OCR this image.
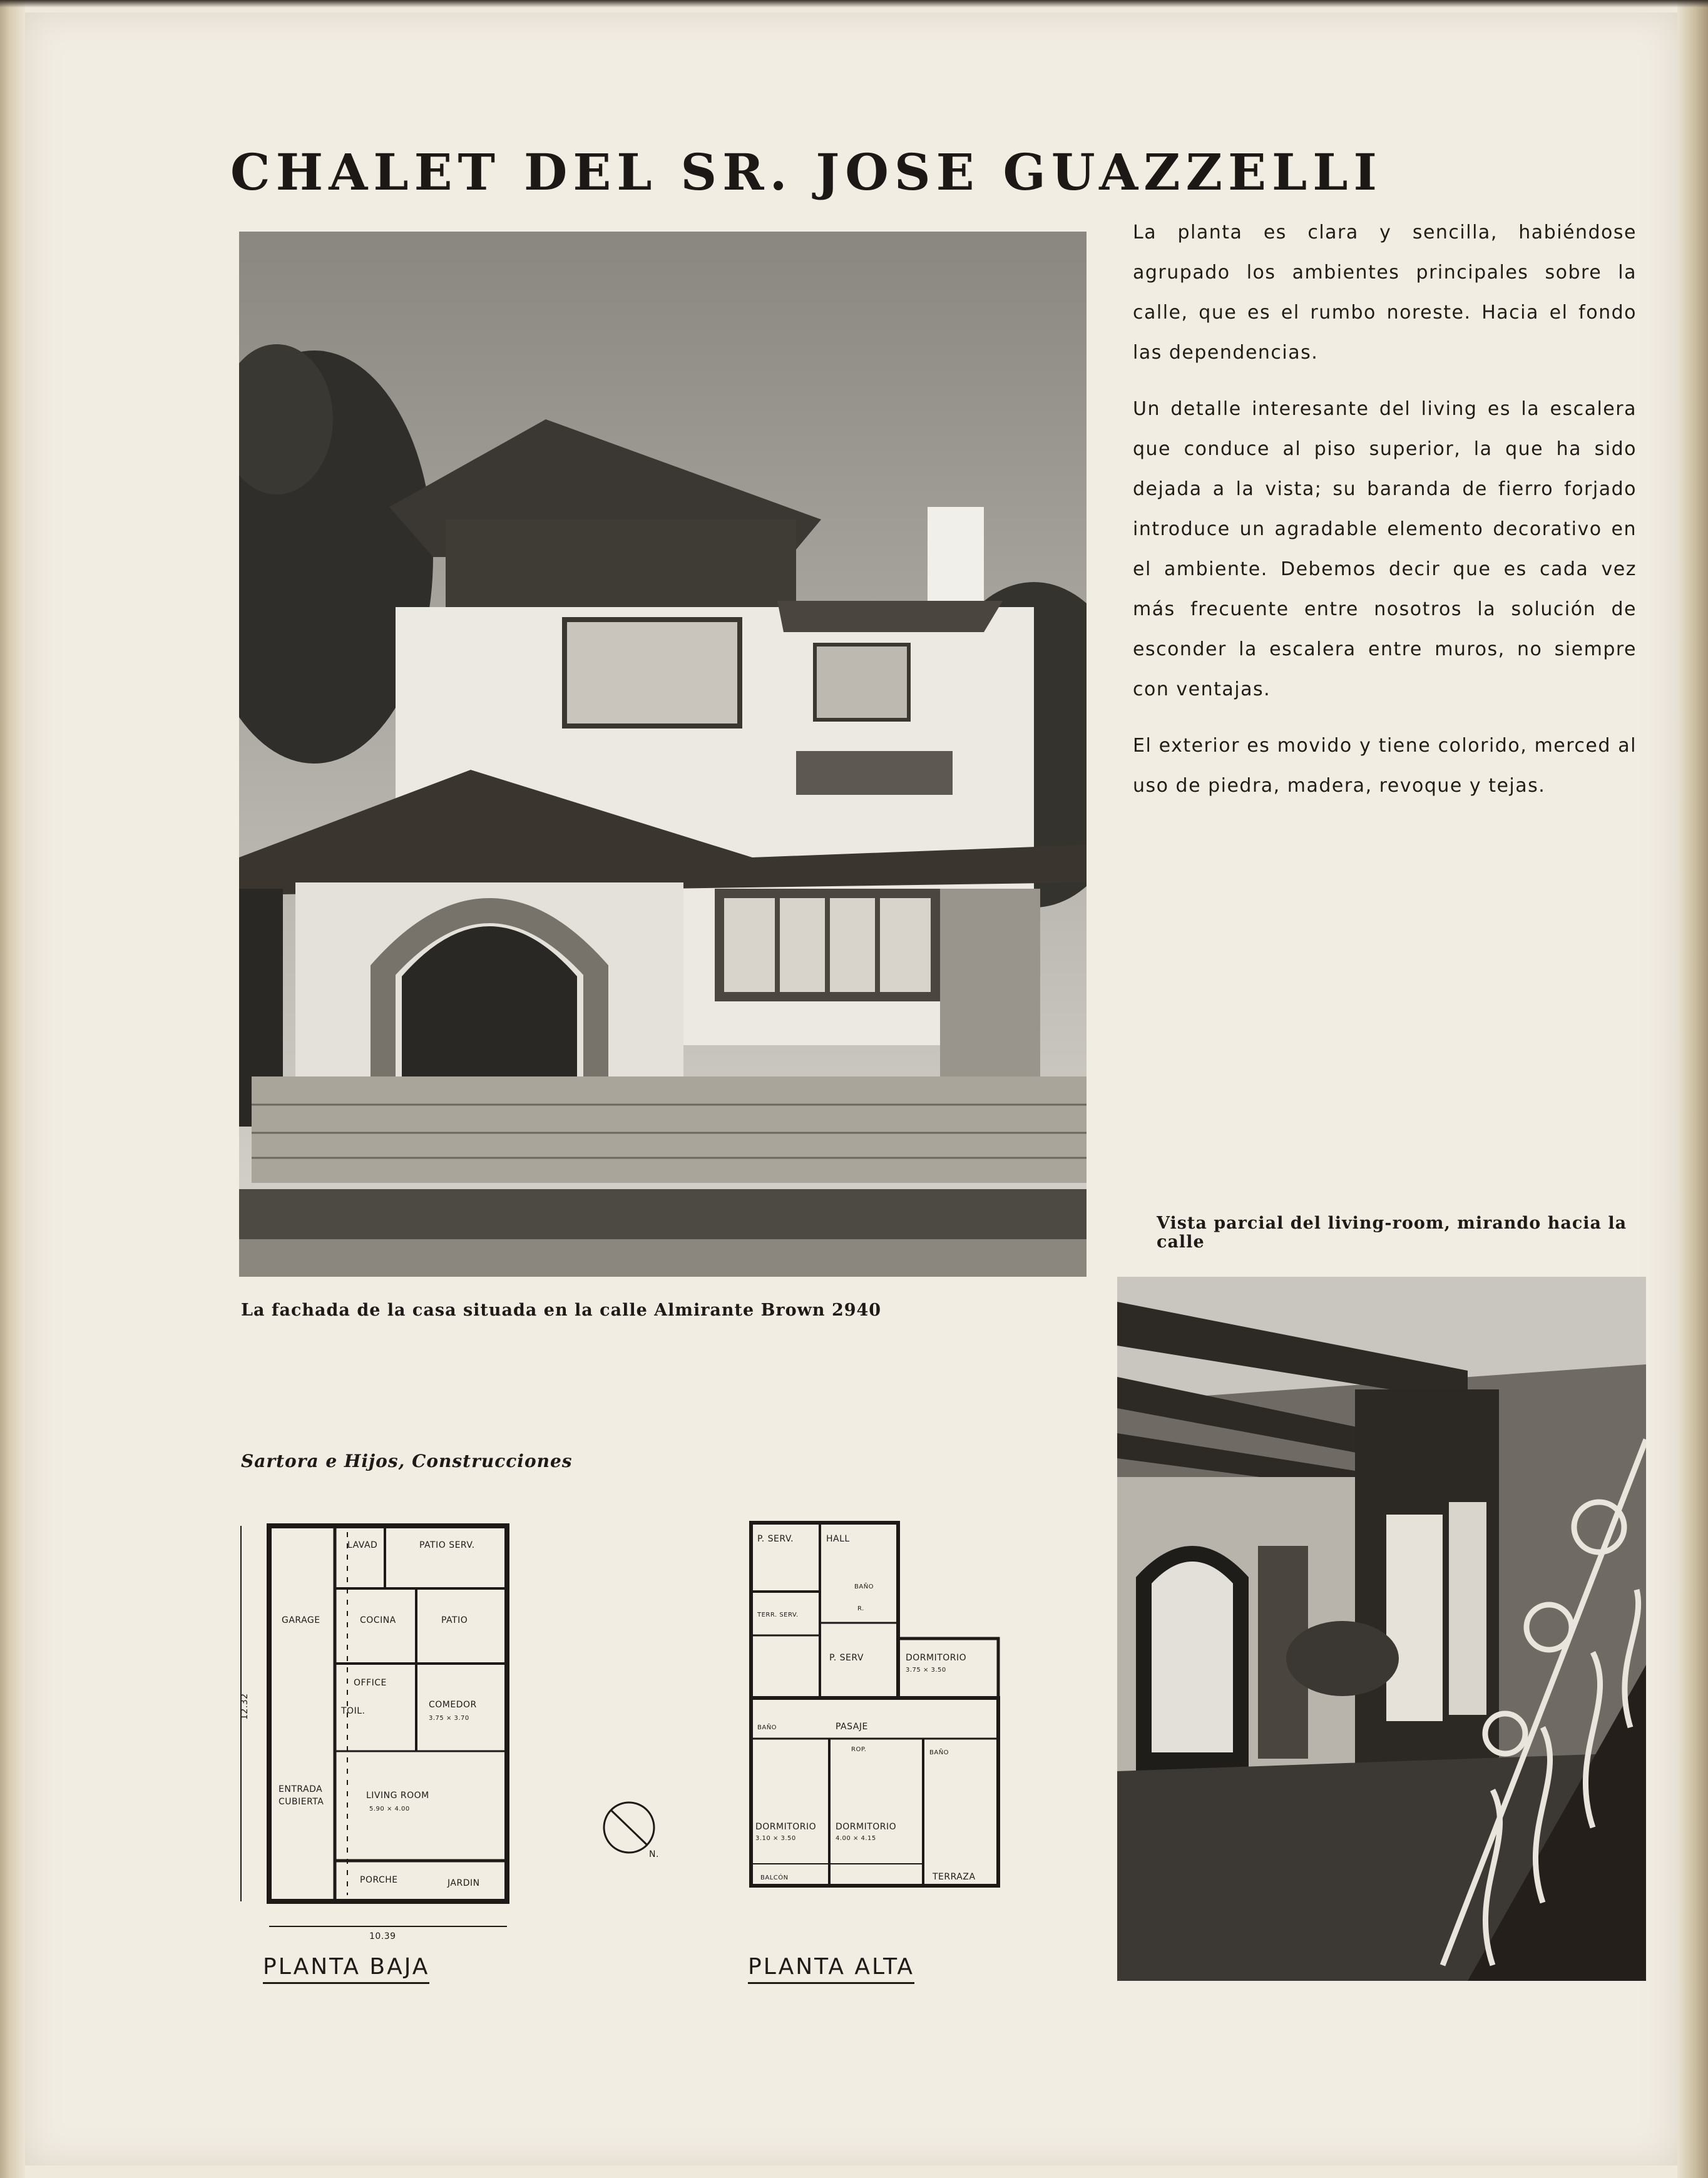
CHALET DEL SR. JOSE GUAZZELLI
La fachada de la casa situada en la calle Almirante Brown 2940

La planta es clara y sencilla, habiéndose agrupado los ambientes principales sobre la calle, que es el rumbo noreste. Hacia el fondo las dependencias.

Un detalle interesante del living es la escalera que conduce al piso superior, la que ha sido dejada a la vista; su baranda de fierro forjado introduce un agradable elemento decorativo en el ambiente. Debemos decir que es cada vez más frecuente entre nosotros la solución de esconder la escalera entre muros, no siempre con ventajas.

El exterior es movido y tiene colorido, merced al uso de piedra, madera, revoque y tejas.

Vista parcial del living-room, mirando hacia la calle
Sartora e Hijos, Construcciones
LAVAD	PATIO SERV.
GARAGE	COCINA	PATIO
OFFICE
TOIL.
COMEDOR
3.75 × 3.70
LIVING ROOM
5.90 × 4.00
ENTRADA
CUBIERTA
PORCHE	JARDIN
12.32
10.39
P. SERV.	HALL
BAÑO
TERR. SERV.
R.
P. SERV	DORMITORIO
3.75 × 3.50
BAÑO	PASAJE
ROP.	BAÑO
DORMITORIO
3.10 × 3.50
DORMITORIO
4.00 × 4.15
BALCÓN	TERRAZA
N.
PLANTA BAJA	PLANTA ALTA
